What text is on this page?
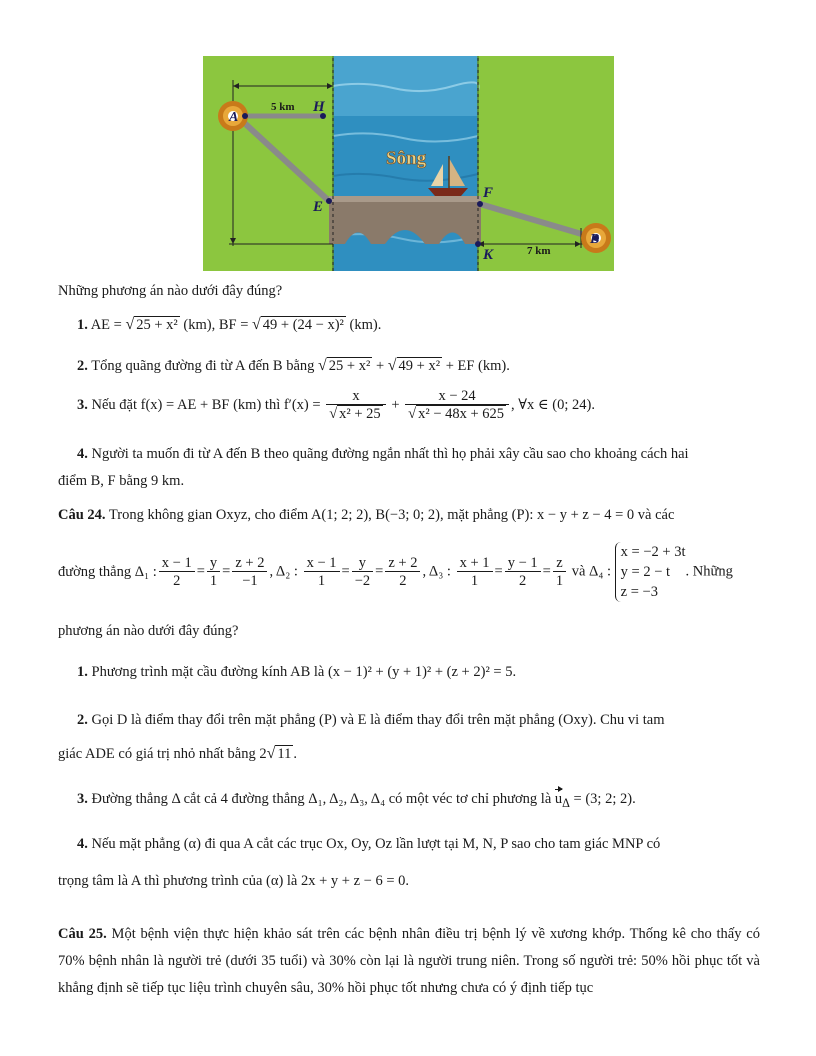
A
B
H
E
F
K
5 km
7 km
Sông
Những phương án nào dưới đây đúng?
1. AE = √ 25 + x² (km), BF = √ 49 + (24 − x)² (km).
2. Tổng quãng đường đi từ A đến B bằng √ 25 + x² + √ 49 + x² + EF (km).
3. Nếu đặt f(x) = AE + BF (km) thì $f'(x) = \frac{x}{\text{√ x² + 25}} + \frac{x - 24}{\text{√ x² − 48x + 625}}$ , ∀x ∈ (0; 24).
4. Người ta muốn đi từ A đến B theo quãng đường ngắn nhất thì họ phải xây cầu sao cho khoảng cách hai
điểm B, F bằng 9 km.
Câu 24. Trong không gian Oxyz, cho điểm A(1; 2; 2), B(−3; 0; 2), mặt phẳng (P): x − y + z − 4 = 0 và các
đường thẳng Δ₁ : $\frac{x - 1}{2} = \frac{y}{1} = \frac{z + 2}{-1}$ , Δ₂ : $\frac{x - 1}{1} = \frac{y}{-2} = \frac{z + 2}{2}$ , Δ₃ : $\frac{x + 1}{1} = \frac{y - 1}{2} = \frac{z}{1}$ và Δ₄ :
x = −2 + 3t
y = 2 − t
z = −3
. Những
phương án nào dưới đây đúng?
1. Phương trình mặt cầu đường kính AB là (x − 1)² + (y + 1)² + (z + 2)² = 5.
2. Gọi D là điểm thay đổi trên mặt phẳng (P) và E là điểm thay đổi trên mặt phẳng (Oxy). Chu vi tam
giác ADE có giá trị nhỏ nhất bằng 2√ 11 .
3. Đường thẳng Δ cắt cả 4 đường thẳng Δ₁, Δ₂, Δ₃, Δ₄ có một véc tơ chỉ phương là $u_\Delta = (3$; 2; 2).
4. Nếu mặt phẳng (α) đi qua A cắt các trục Ox, Oy, Oz lần lượt tại M, N, P sao cho tam giác MNP có
trọng tâm là A thì phương trình của (α) là 2x + y + z − 6 = 0.
Câu 25. Một bệnh viện thực hiện khảo sát trên các bệnh nhân điều trị bệnh lý về xương khớp. Thống kê cho thấy có 70% bệnh nhân là người trẻ (dưới 35 tuổi) và 30% còn lại là người trung niên. Trong số người trẻ: 50% hồi phục tốt và khẳng định sẽ tiếp tục liệu trình chuyên sâu, 30% hồi phục tốt nhưng chưa có ý định tiếp tục
